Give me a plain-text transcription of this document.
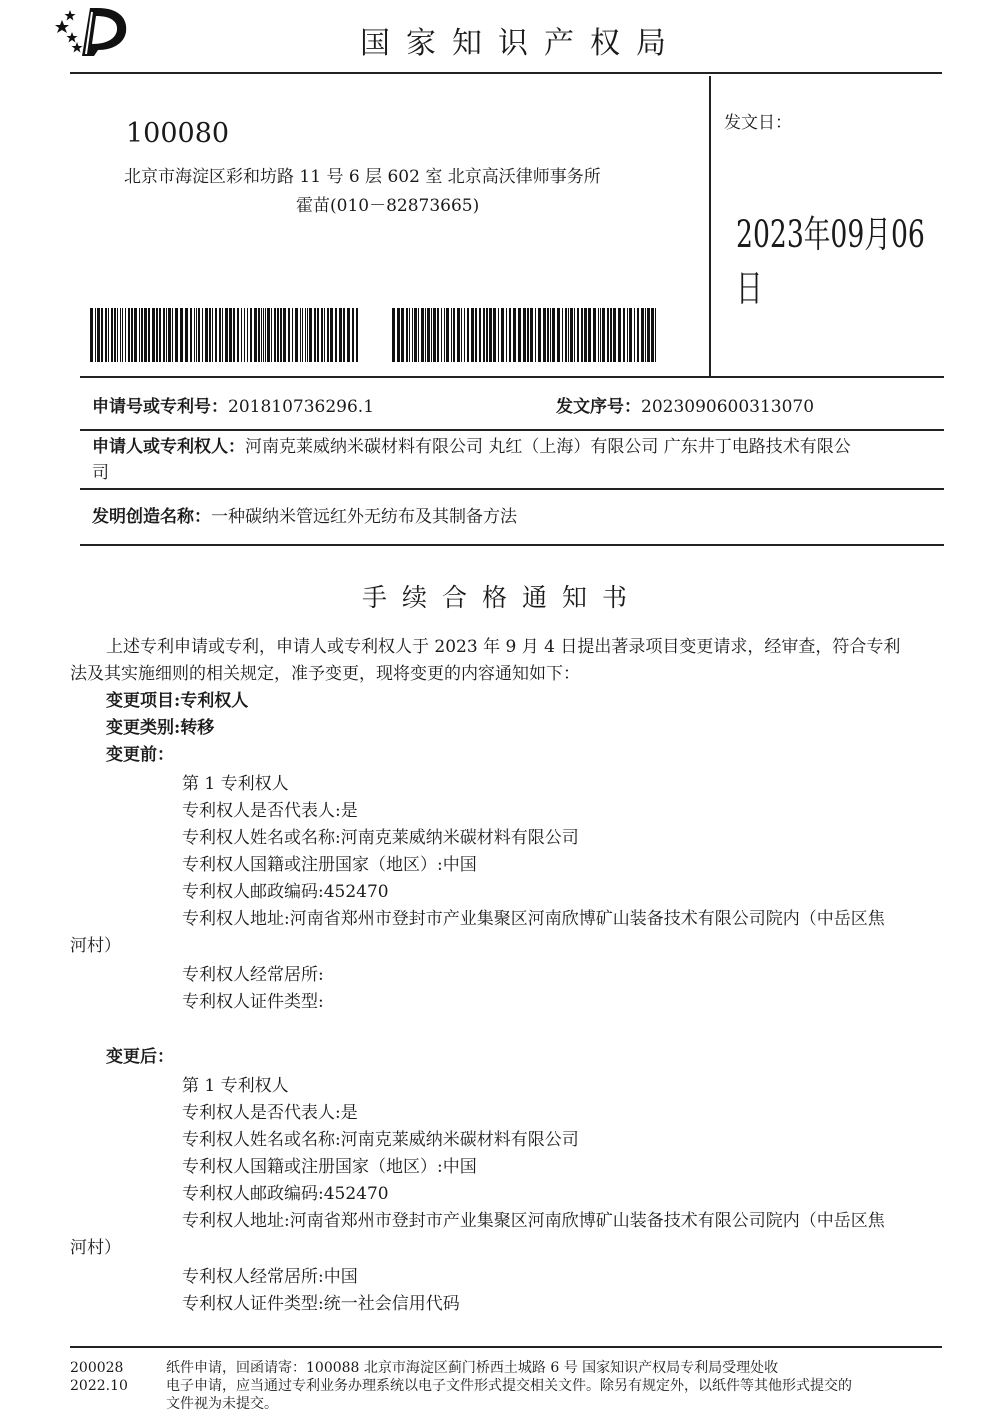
国家知识产权局
100080
北京市海淀区彩和坊路 11 号 6 层 602 室 北京高沃律师事务所
霍苗(010－82873665)
发文日：
2023年09月06日
申请号或专利号：201810736296.1	发文序号：2023090600313070
申请人或专利权人：河南克莱威纳米碳材料有限公司 丸红（上海）有限公司 广东井丁电路技术有限公
司
发明创造名称：一种碳纳米管远红外无纺布及其制备方法
手续合格通知书
上述专利申请或专利，申请人或专利权人于 2023 年 9 月 4 日提出著录项目变更请求，经审查，符合专利
法及其实施细则的相关规定，准予变更，现将变更的内容通知如下：
变更项目:专利权人
变更类别:转移
变更前：
第 1 专利权人
专利权人是否代表人:是
专利权人姓名或名称:河南克莱威纳米碳材料有限公司
专利权人国籍或注册国家（地区）:中国
专利权人邮政编码:452470
专利权人地址:河南省郑州市登封市产业集聚区河南欣博矿山装备技术有限公司院内（中岳区焦
河村）
专利权人经常居所:
专利权人证件类型:
变更后：
第 1 专利权人
专利权人是否代表人:是
专利权人姓名或名称:河南克莱威纳米碳材料有限公司
专利权人国籍或注册国家（地区）:中国
专利权人邮政编码:452470
专利权人地址:河南省郑州市登封市产业集聚区河南欣博矿山装备技术有限公司院内（中岳区焦
河村）
专利权人经常居所:中国
专利权人证件类型:统一社会信用代码
200028
2022.10
纸件申请，回函请寄：100088 北京市海淀区蓟门桥西土城路 6 号 国家知识产权局专利局受理处收
电子申请，应当通过专利业务办理系统以电子文件形式提交相关文件。除另有规定外，以纸件等其他形式提交的
文件视为未提交。
